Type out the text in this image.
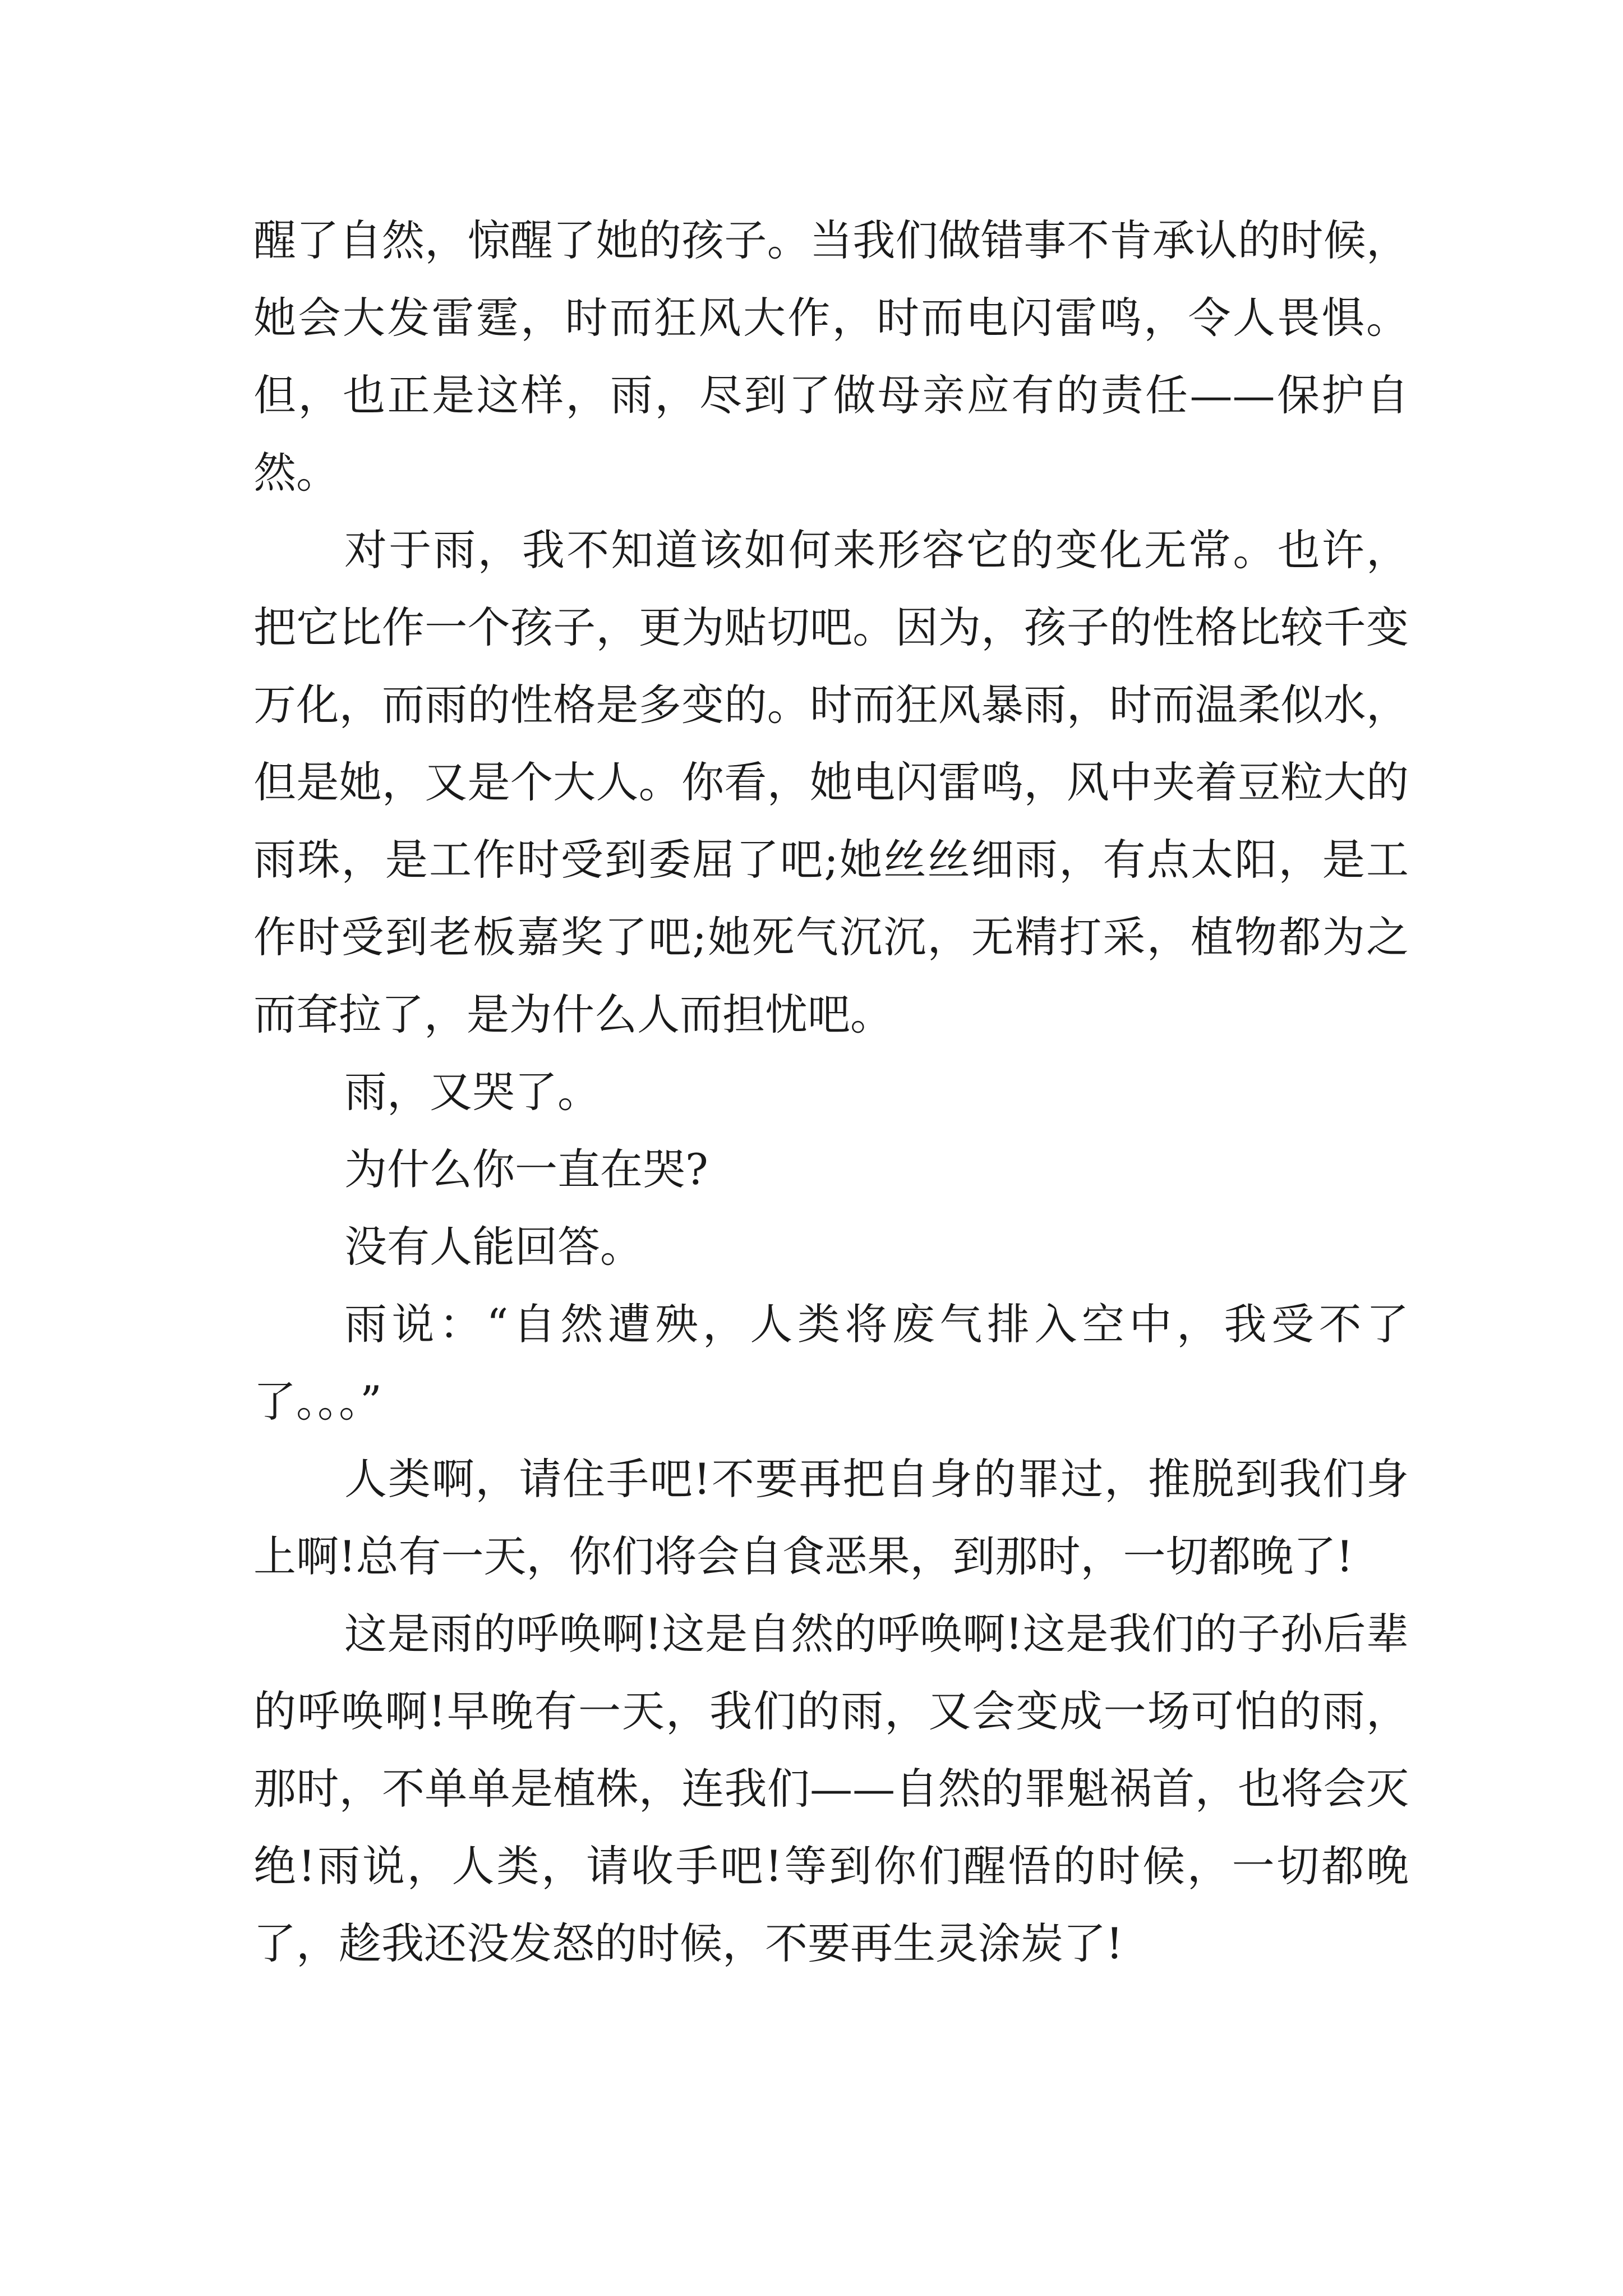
醒了自然，惊醒了她的孩子。当我们做错事不肯承认的时候，她会大发雷霆，时而狂风大作，时而电闪雷鸣，令人畏惧。但，也正是这样，雨，尽到了做母亲应有的责任——保护自然。

对于雨，我不知道该如何来形容它的变化无常。也许，把它比作一个孩子，更为贴切吧。因为，孩子的性格比较千变万化，而雨的性格是多变的。时而狂风暴雨，时而温柔似水，但是她，又是个大人。你看，她电闪雷鸣，风中夹着豆粒大的雨珠，是工作时受到委屈了吧;她丝丝细雨，有点太阳，是工作时受到老板嘉奖了吧;她死气沉沉，无精打采，植物都为之而耷拉了，是为什么人而担忧吧。

雨，又哭了。

为什么你一直在哭?

没有人能回答。

雨说：“自然遭殃，人类将废气排入空中，我受不了了。。。”

人类啊，请住手吧!不要再把自身的罪过，推脱到我们身上啊!总有一天，你们将会自食恶果，到那时，一切都晚了!

这是雨的呼唤啊!这是自然的呼唤啊!这是我们的子孙后辈的呼唤啊!早晚有一天，我们的雨，又会变成一场可怕的雨，那时，不单单是植株，连我们——自然的罪魁祸首，也将会灭绝!雨说，人类，请收手吧!等到你们醒悟的时候，一切都晚了，趁我还没发怒的时候，不要再生灵涂炭了!
